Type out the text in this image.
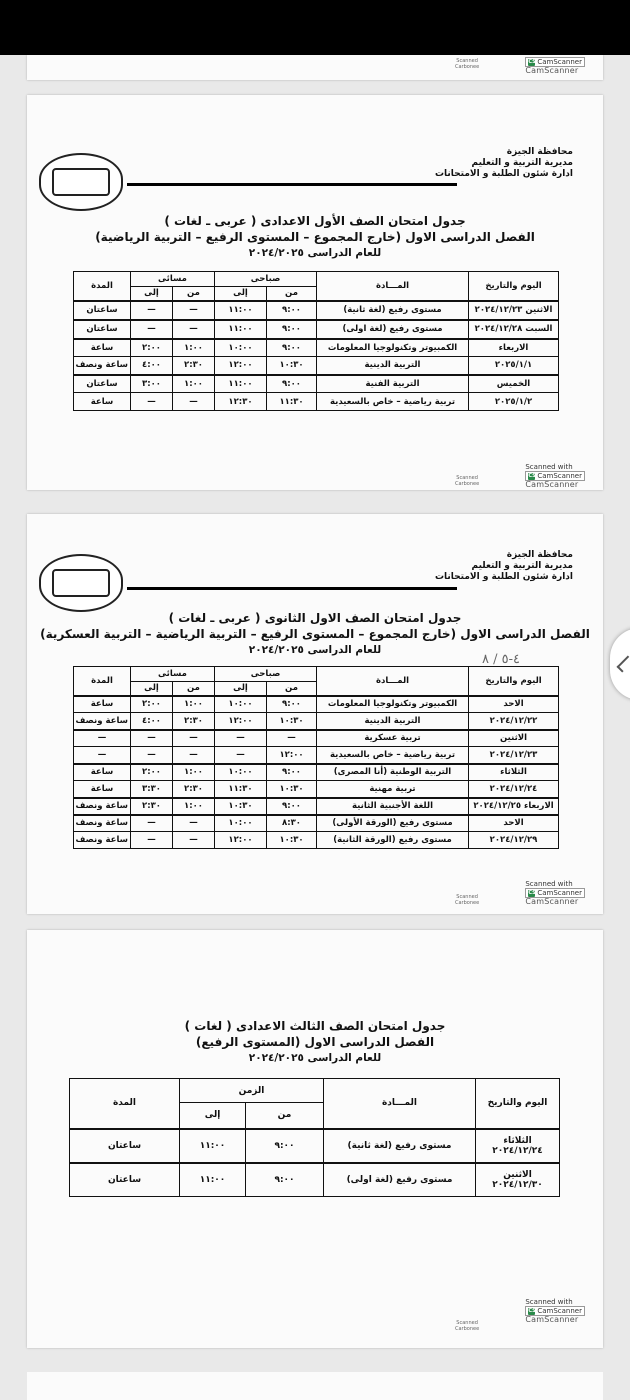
Scanned
Carbonee
CS CamScanner
CamScanner
محافظة الجيزة
مديرية التربية و التعليم
ادارة شئون الطلبة و الامتحانات
جدول امتحان الصف الأول الاعدادى ( عربى ـ لغات )
الفصل الدراسى الاول (خارج المجموع – المستوى الرفيع – التربية الرياضية)
للعام الدراسى ٢٠٢٤/٢٠٢٥
اليوم والتاريخ	المـــادة	صباحى		مسائى		المدة
		من	إلى	من	إلى	
الاثنين ٢٠٢٤/١٢/٢٣	مستوى رفيع (لغة ثانية)	٩:٠٠	١١:٠٠	—	—	ساعتان
السبت ٢٠٢٤/١٢/٢٨	مستوى رفيع (لغة اولى)	٩:٠٠	١١:٠٠	—	—	ساعتان
الاربعاء	الكمبيوتر وتكنولوجيا المعلومات	٩:٠٠	١٠:٠٠	١:٠٠	٢:٠٠	ساعة
٢٠٢٥/١/١	التربية الدينية	١٠:٣٠	١٢:٠٠	٢:٣٠	٤:٠٠	ساعة ونصف
الخميس	التربية الفنية	٩:٠٠	١١:٠٠	١:٠٠	٣:٠٠	ساعتان
٢٠٢٥/١/٢	تربية رياضية – خاص بالسعيدية	١١:٣٠	١٢:٣٠	—	—	ساعة
Scanned
Carbonee
Scanned with
CS CamScanner
CamScanner
محافظة الجيزة
مديرية التربية و التعليم
ادارة شئون الطلبة و الامتحانات
جدول امتحان الصف الاول الثانوى ( عربى ـ لغات )
الفصل الدراسى الاول (خارج المجموع – المستوى الرفيع – التربية الرياضية – التربية العسكرية)
للعام الدراسى ٢٠٢٤/٢٠٢٥
اليوم والتاريخ	المـــادة	صباحى		مسائى		المدة
		من	إلى	من	إلى	
الاحد	الكمبيوتر وتكنولوجيا المعلومات	٩:٠٠	١٠:٠٠	١:٠٠	٢:٠٠	ساعة
٢٠٢٤/١٢/٢٢	التربية الدينية	١٠:٣٠	١٢:٠٠	٢:٣٠	٤:٠٠	ساعة ونصف
الاثنين	تربية عسكرية	—	—	—	—	—
٢٠٢٤/١٢/٢٣	تربية رياضية – خاص بالسعيدية	١٢:٠٠	—	—	—	—
الثلاثاء	التربية الوطنية (أنا المصرى)	٩:٠٠	١٠:٠٠	١:٠٠	٢:٠٠	ساعة
٢٠٢٤/١٢/٢٤	تربية مهنية	١٠:٣٠	١١:٣٠	٢:٣٠	٣:٣٠	ساعة
الاربعاء ٢٠٢٤/١٢/٢٥	اللغة الأجنبية الثانية	٩:٠٠	١٠:٣٠	١:٠٠	٢:٣٠	ساعة ونصف
الاحد	مستوى رفيع (الورقة الأولى)	٨:٣٠	١٠:٠٠	—	—	ساعة ونصف
٢٠٢٤/١٢/٢٩	مستوى رفيع (الورقة الثانية)	١٠:٣٠	١٢:٠٠	—	—	ساعة ونصف
Scanned
Carbonee
Scanned with
CS CamScanner
CamScanner
٤-٥ / ٨
جدول امتحان الصف الثالث الاعدادى ( لغات )
الفصل الدراسى الاول (المستوى الرفيع)
للعام الدراسى ٢٠٢٤/٢٠٢٥
اليوم والتاريخ	المـــادة	الزمن		المدة
		من	إلى	

الثلاثاء
٢٠٢٤/١٢/٢٤	مستوى رفيع (لغة ثانية)	٩:٠٠	١١:٠٠	ساعتان

الاثنين
٢٠٢٤/١٢/٣٠	مستوى رفيع (لغة اولى)	٩:٠٠	١١:٠٠	ساعتان
Scanned
Carbonee
Scanned with
CS CamScanner
CamScanner
